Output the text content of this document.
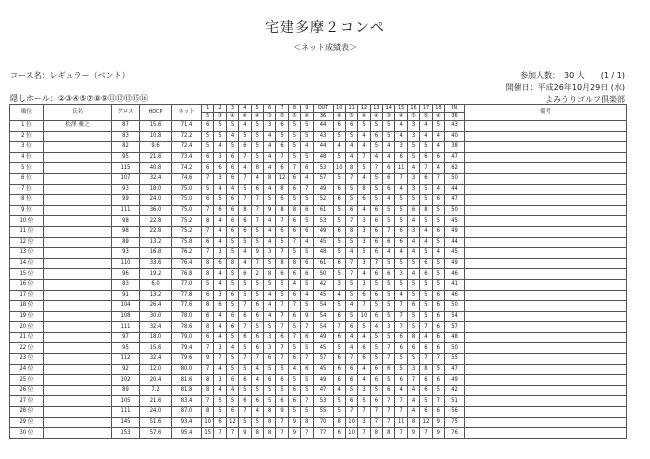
宅建多摩２コンペ
＜ネット成績表＞
コース名：レギュラー（ベント）
隠しホール：②③④⑤⑦⑧⑨⑪⑫⑬⑮⑯
参加人数：　30 人　　(1 / 1)
開催日：平成26年10月29日 (水)
よみうりゴルフ倶楽部
順位	氏名	グロス	HDCP	ネット	1	2	3	4	5	6	7	8	9	OUT	10	11	12	13	14	15	16	17	18	IN	備考
					5	③	④	④	④	③	⑤	⑤	④	36	④	⑤	④	④	③	④	⑤	⑤	④	36	
1 位	松澤 雅之	87	15.6	71.4	6	5	5	4	5	3	6	5	5	44	6	6	5	5	5	4	3	4	5	43	
2 位		83	10.8	72.2	5	5	4	5	5	4	5	5	5	43	5	5	4	6	5	4	3	4	4	40	
3 位		82	9.6	72.4	5	4	5	6	5	4	6	5	4	44	4	4	4	5	4	3	5	5	4	38	
4 位		95	21.6	73.4	6	3	6	7	5	4	7	5	5	48	5	4	7	4	4	6	5	6	6	47	
5 位		115	40.8	74.2	6	6	6	4	8	4	6	7	6	53	10	8	5	7	6	11	4	7	4	62	
6 位		107	32.4	74.6	7	3	6	7	4	8	12	6	4	57	5	7	4	5	6	7	3	6	7	50	
7 位		93	18.0	75.0	5	4	4	5	6	4	8	6	7	49	6	5	8	5	6	4	3	5	4	44	
8 位		99	24.0	75.0	6	5	6	7	7	5	6	5	5	52	6	5	6	5	4	5	5	5	6	47	
9 位		111	36.0	75.0	7	6	6	8	7	9	8	8	6	61	5	6	4	6	5	5	6	8	5	50	
10 位		98	22.8	75.2	8	4	6	6	7	4	7	6	5	53	5	7	3	6	5	5	4	5	5	45	
11 位		98	22.8	75.2	7	4	6	6	5	4	6	6	6	49	6	8	3	6	7	6	3	4	6	49	
12 位		89	13.2	75.8	6	4	5	5	5	4	5	7	4	45	5	5	3	6	6	6	4	4	5	44	
13 位		93	16.8	76.2	7	3	5	4	9	3	7	5	5	48	5	4	5	6	4	4	4	5	4	45	
14 位		110	33.6	76.4	8	6	8	4	7	5	8	8	6	61	6	7	3	7	5	5	5	6	5	49	
15 位		96	19.2	76.8	8	4	5	6	2	8	6	6	6	50	5	7	4	6	6	3	4	6	5	46	
16 位		83	6.0	77.0	5	4	5	5	5	5	5	4	5	42	3	5	3	5	5	5	5	5	5	41	
17 位		91	13.2	77.8	6	3	6	5	5	4	5	6	4	45	4	5	6	6	5	4	5	5	6	46	
18 位		104	26.4	77.6	8	6	5	7	6	4	7	7	5	54	5	4	7	5	5	7	6	5	6	50	
19 位		108	30.0	78.0	6	4	6	6	6	4	7	6	9	54	6	5	10	6	5	7	5	5	6	54	
20 位		111	32.4	78.6	8	4	6	7	5	5	7	5	7	54	7	6	5	4	3	7	5	7	6	57	
21 位		97	18.0	79.0	6	4	5	6	6	3	6	7	6	49	6	4	4	5	5	6	8	4	6	48	
22 位		95	15.6	79.4	7	3	4	5	6	3	7	5	5	45	5	4	6	5	7	6	6	6	6	50	
23 位		112	32.4	79.6	9	7	5	7	7	6	7	6	7	57	6	7	6	5	7	5	5	7	7	55	
24 位		92	12.0	80.0	7	4	5	5	4	5	5	4	6	45	6	6	4	6	6	5	3	8	5	47	
25 位		102	20.4	81.6	8	3	6	6	4	6	6	5	5	49	6	6	4	6	5	6	7	6	6	49	
26 位		89	7.2	81.8	8	4	4	5	5	5	5	6	5	47	4	5	3	5	6	4	4	6	5	42	
27 位		105	21.6	83.4	7	5	5	6	6	5	6	6	7	53	5	6	5	6	7	7	4	5	7	51	
28 位		111	24.0	87.0	8	5	6	7	4	8	9	5	5	55	5	7	7	7	7	7	4	6	6	56	
29 位		145	51.6	93.4	10	6	12	5	5	8	7	9	8	70	8	10	3	7	7	11	8	12	9	75	
30 位		153	57.6	95.4	15	7	7	9	8	8	7	9	7	77	6	10	7	8	8	7	9	7	9	76	
